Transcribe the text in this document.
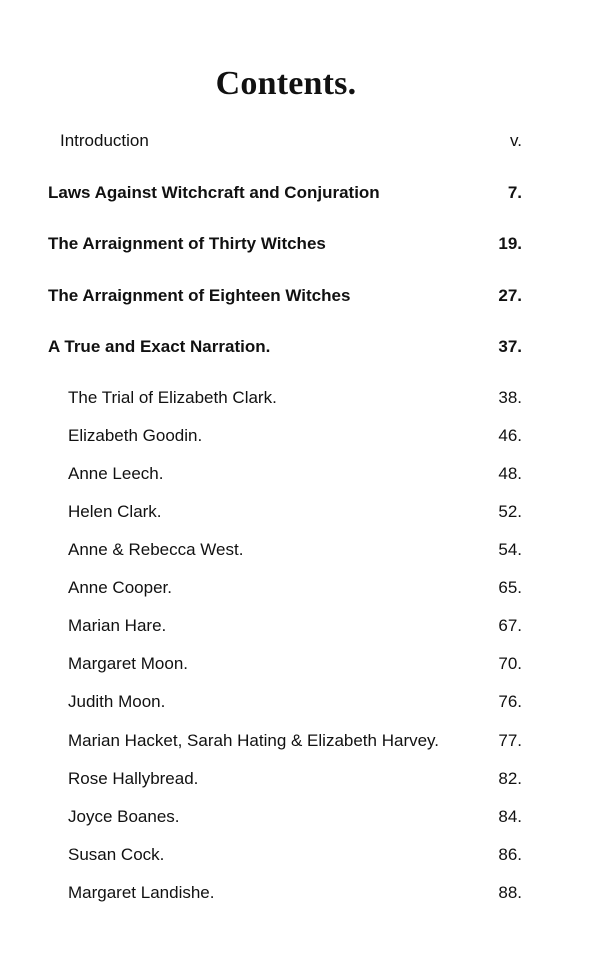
Contents.
Introduction	v.
Laws Against Witchcraft and Conjuration	7.
The Arraignment of Thirty Witches	19.
The Arraignment of Eighteen Witches	27.
A True and Exact Narration.	37.
The Trial of Elizabeth Clark.	38.
Elizabeth Goodin.	46.
Anne Leech.	48.
Helen Clark.	52.
Anne & Rebecca West.	54.
Anne Cooper.	65.
Marian Hare.	67.
Margaret Moon.	70.
Judith Moon.	76.
Marian Hacket, Sarah Hating & Elizabeth Harvey.	77.
Rose Hallybread.	82.
Joyce Boanes.	84.
Susan Cock.	86.
Margaret Landishe.	88.
